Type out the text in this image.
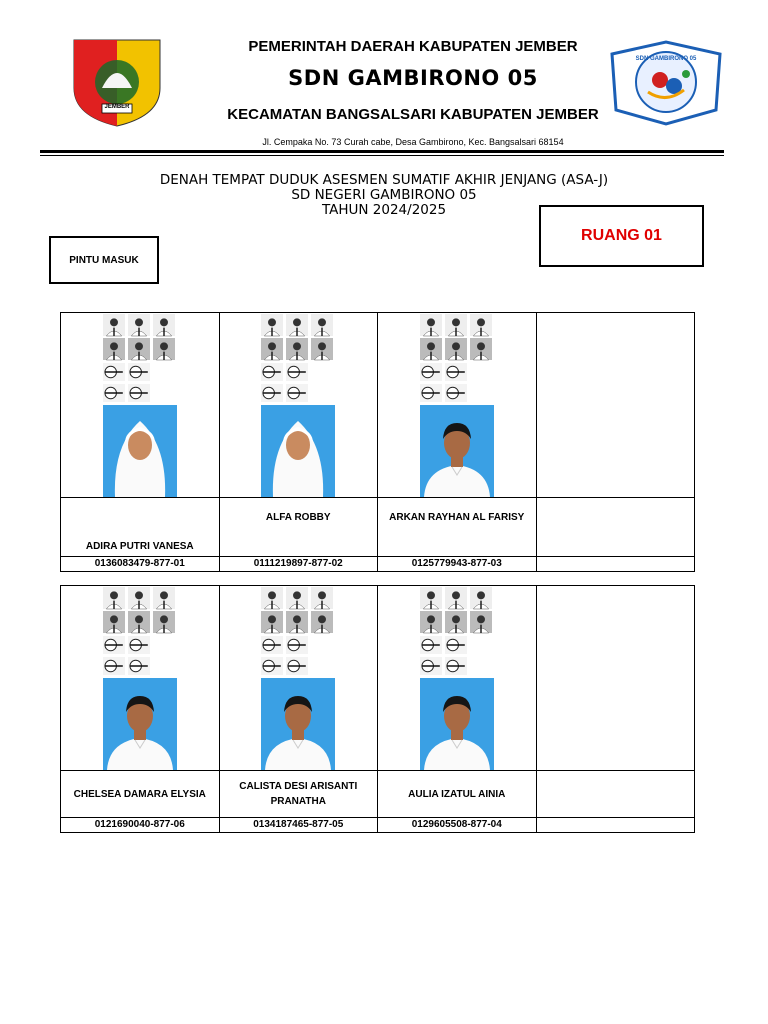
JEMBER
SDN GAMBIRONO 05
PEMERINTAH DAERAH KABUPATEN JEMBER
SDN GAMBIRONO 05
KECAMATAN BANGSALSARI KABUPATEN JEMBER
Jl. Cempaka No. 73 Curah cabe, Desa Gambirono, Kec. Bangsalsari 68154
DENAH TEMPAT DUDUK ASESMEN SUMATIF AKHIR JENJANG (ASA-J)
SD NEGERI GAMBIRONO 05
TAHUN 2024/2025
RUANG 01
PINTU MASUK

ADIRA PUTRI VANESA	ALFA ROBBY	ARKAN RAYHAN AL FARISY	
0136083479-877-01	0111219897-877-02	0125779943-877-03	

CHELSEA DAMARA ELYSIA	CALISTA DESI ARISANTI PRANATHA	AULIA IZATUL AINIA	
0121690040-877-06	0134187465-877-05	0129605508-877-04	
